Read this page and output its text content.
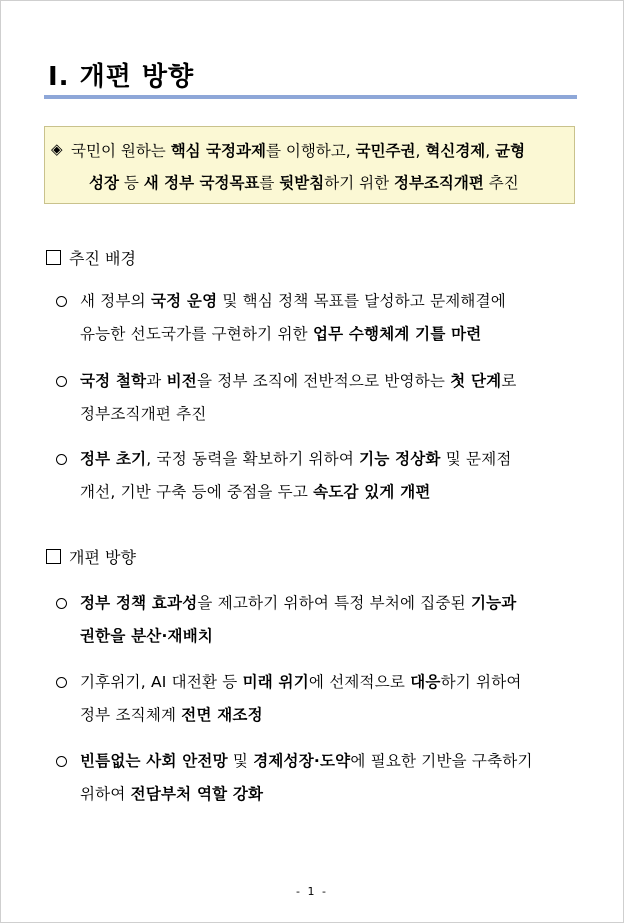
Ⅰ. 개편 방향
◈ 국민이 원하는 핵심 국정과제를 이행하고, 국민주권, 혁신경제, 균형
성장 등 새 정부 국정목표를 뒷받침하기 위한 정부조직개편 추진
추진 배경
새 정부의 국정 운영 및 핵심 정책 목표를 달성하고 문제해결에
유능한 선도국가를 구현하기 위한 업무 수행체계 기틀 마련
국정 철학과 비전을 정부 조직에 전반적으로 반영하는 첫 단계로
정부조직개편 추진
정부 초기, 국정 동력을 확보하기 위하여 기능 정상화 및 문제점
개선, 기반 구축 등에 중점을 두고 속도감 있게 개편
개편 방향
정부 정책 효과성을 제고하기 위하여 특정 부처에 집중된 기능과
권한을 분산·재배치
기후위기, AI 대전환 등 미래 위기에 선제적으로 대응하기 위하여
정부 조직체계 전면 재조정
빈틈없는 사회 안전망 및 경제성장·도약에 필요한 기반을 구축하기
위하여 전담부처 역할 강화
- 1 -
